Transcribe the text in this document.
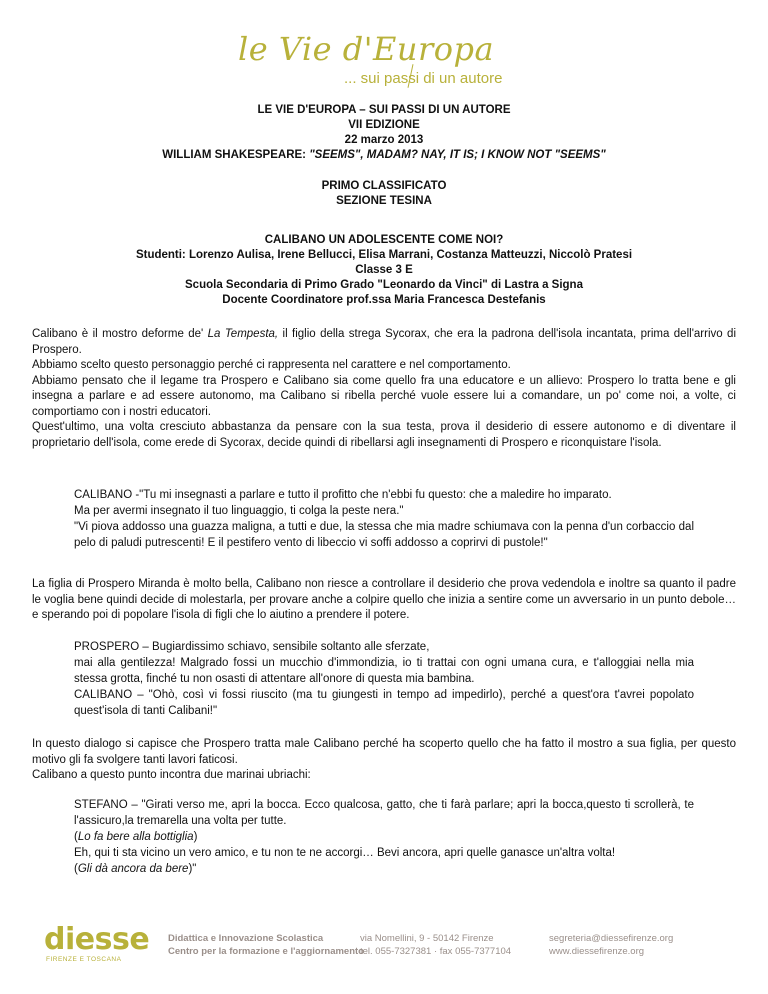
le Vie d'Europa
... sui passi di un autore
LE VIE D'EUROPA – SUI PASSI DI UN AUTORE
VII EDIZIONE
22 marzo 2013
WILLIAM SHAKESPEARE: "SEEMS", MADAM? NAY, IT IS; I KNOW NOT "SEEMS"
PRIMO CLASSIFICATO
SEZIONE TESINA
CALIBANO UN ADOLESCENTE COME NOI?
Studenti: Lorenzo Aulisa, Irene Bellucci, Elisa Marrani, Costanza Matteuzzi, Niccolò Pratesi
Classe 3 E
Scuola Secondaria di Primo Grado "Leonardo da Vinci" di Lastra a Signa
Docente Coordinatore prof.ssa Maria Francesca Destefanis

Calibano è il mostro deforme de' La Tempesta, il figlio della strega Sycorax, che era la padrona dell'isola incantata, prima dell'arrivo di Prospero.

Abbiamo scelto questo personaggio perché ci rappresenta nel carattere e nel comportamento.

Abbiamo pensato che il legame tra Prospero e Calibano sia come quello fra una educatore e un allievo: Prospero lo tratta bene e gli insegna a parlare e ad essere autonomo, ma Calibano si ribella perché vuole essere lui a comandare, un po' come noi, a volte, ci comportiamo con i nostri educatori.

Quest'ultimo, una volta cresciuto abbastanza da pensare con la sua testa, prova il desiderio di essere autonomo e di diventare il proprietario dell'isola, come erede di Sycorax, decide quindi di ribellarsi agli insegnamenti di Prospero e riconquistare l'isola.

CALIBANO -"Tu mi insegnasti a parlare e tutto il profitto che n'ebbi fu questo: che a maledire ho imparato.

Ma per avermi insegnato il tuo linguaggio, ti colga la peste nera."

"Vi piova addosso una guazza maligna, a tutti e due, la stessa che mia madre schiumava con la penna d'un corbaccio dal pelo di paludi putrescenti! E il pestifero vento di libeccio vi soffi addosso a coprirvi di pustole!"

La figlia di Prospero Miranda è molto bella, Calibano non riesce a controllare il desiderio che prova vedendola e inoltre sa quanto il padre le voglia bene quindi decide di molestarla, per provare anche a colpire quello che inizia a sentire come un avversario in un punto debole… e sperando poi di popolare l'isola di figli che lo aiutino a prendere il potere.

PROSPERO – Bugiardissimo schiavo, sensibile soltanto alle sferzate,

mai alla gentilezza! Malgrado fossi un mucchio d'immondizia, io ti trattai con ogni umana cura, e t'alloggiai nella mia stessa grotta, finché tu non osasti di attentare all'onore di questa mia bambina.

CALIBANO – "Ohò, così vi fossi riuscito (ma tu giungesti in tempo ad impedirlo), perché a quest'ora t'avrei popolato quest'isola di tanti Calibani!"

In questo dialogo si capisce che Prospero tratta male Calibano perché ha scoperto quello che ha fatto il mostro a sua figlia, per questo motivo gli fa svolgere tanti lavori faticosi.

Calibano a questo punto incontra due marinai ubriachi:

STEFANO – "Girati verso me, apri la bocca. Ecco qualcosa, gatto, che ti farà parlare; apri la bocca,questo ti scrollerà, te l'assicuro,la tremarella una volta per tutte.

(Lo fa bere alla bottiglia)

Eh, qui ti sta vicino un vero amico, e tu non te ne accorgi… Bevi ancora, apri quelle ganasce un'altra volta!

(Gli dà ancora da bere)"

diesse
FIRENZE E TOSCANA
Didattica e Innovazione Scolastica
Centro per la formazione e l'aggiornamento
via Nomellini, 9 - 50142 Firenze
tel. 055-7327381 · fax 055-7377104
segreteria@diessefirenze.org
www.diessefirenze.org
